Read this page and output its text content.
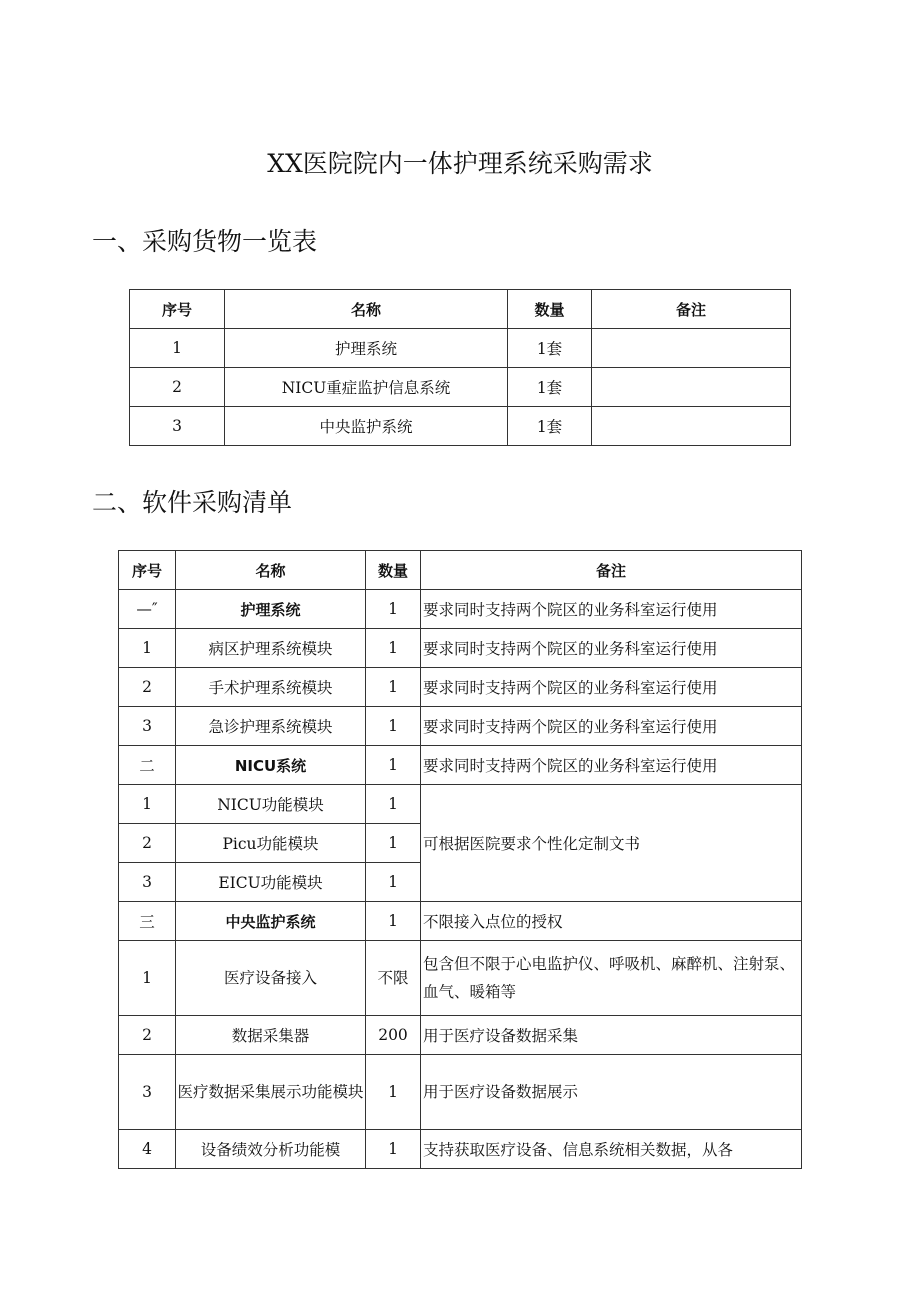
XX医院院内一体护理系统采购需求
一、采购货物一览表
序号	名称	数量	备注
1	护理系统	1套	
2	NICU重症监护信息系统	1套	
3	中央监护系统	1套	
二、软件采购清单
序号	名称	数量	备注
—″	护理系统	1	要求同时支持两个院区的业务科室运行使用
1	病区护理系统模块	1	要求同时支持两个院区的业务科室运行使用
2	手术护理系统模块	1	要求同时支持两个院区的业务科室运行使用
3	急诊护理系统模块	1	要求同时支持两个院区的业务科室运行使用
二	NICU系统	1	要求同时支持两个院区的业务科室运行使用
1	NICU功能模块	1	可根据医院要求个性化定制文书
2	Picu功能模块	1	
3	EICU功能模块	1	
三	中央监护系统	1	不限接入点位的授权
1	医疗设备接入	不限	包含但不限于心电监护仪、呼吸机、麻醉机、注射泵、血气、暖箱等
2	数据采集器	200	用于医疗设备数据采集
3	医疗数据采集展示功能模块	1	用于医疗设备数据展示
4	设备绩效分析功能模	1	支持获取医疗设备、信息系统相关数据，从各
